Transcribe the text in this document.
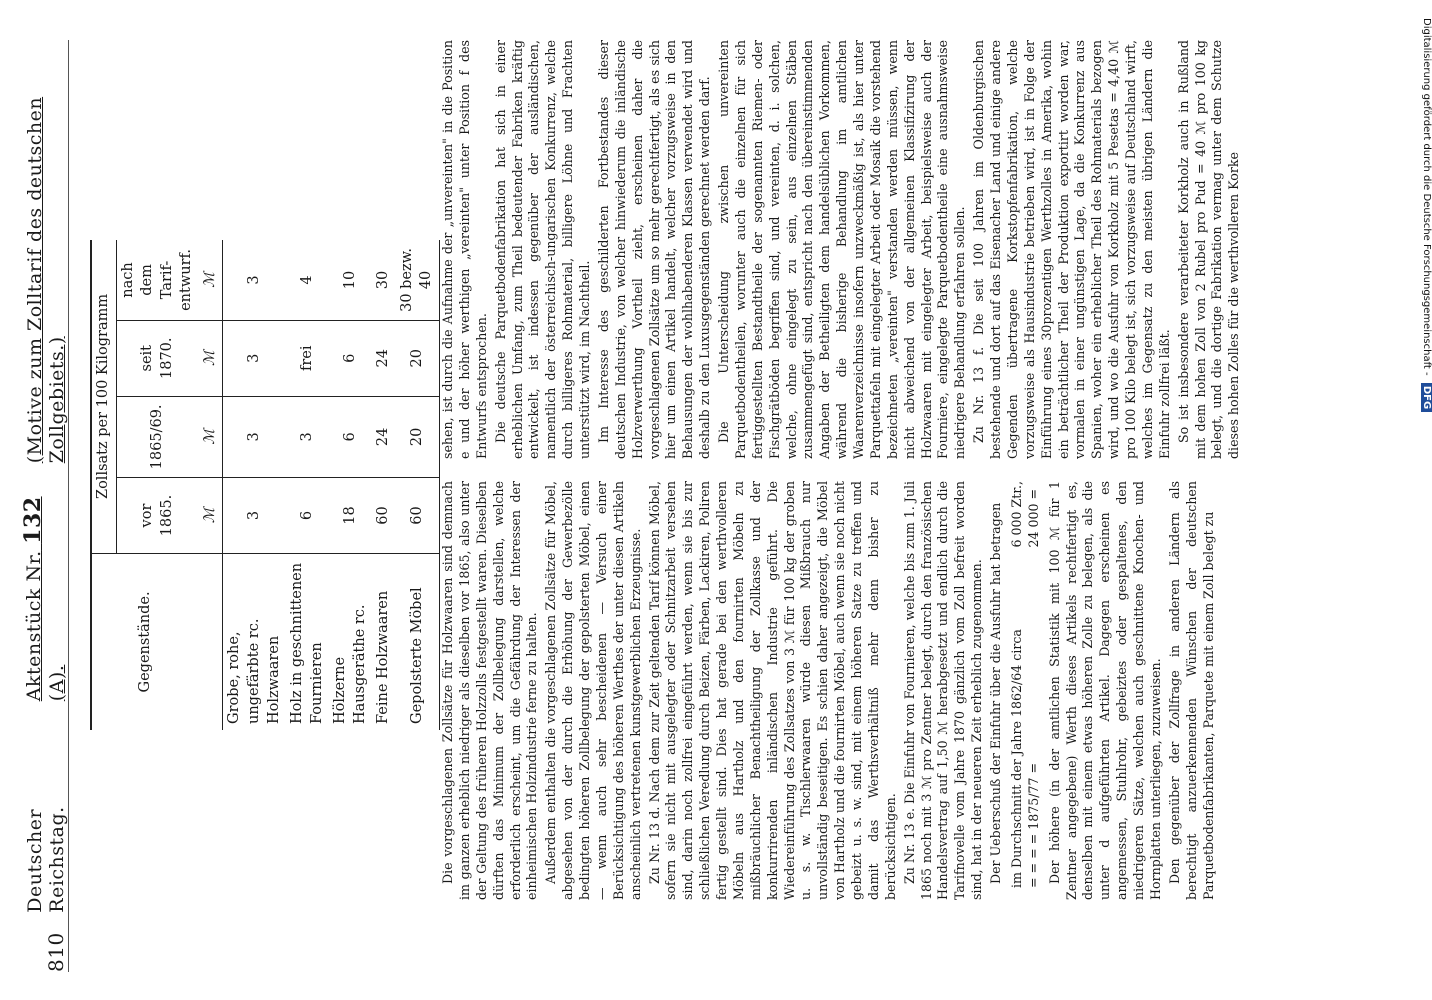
810
Deutscher Reichstag.
Aktenstück Nr. 132 (A).
(Motive zum Zolltarif des deutschen Zollgebiets.)
Gegenstände.	Zollsatz per 100 Kilogramm			
	vor 1865.	1865/69.	seit 1870.	nach dem Tarif-entwurf.
	ℳ	ℳ	ℳ	ℳ
Grobe, rohe, ungefärbte rc. Holzwaaren	3	3	3	3
Holz in geschnittenen Fournieren	6	3	frei	4
Hölzerne Hausgeräthe rc.	18	6	6	10
Feine Holzwaaren	60	24	24	30
Gepolsterte Möbel	60	20	20	30 bezw. 40

Die vorgeschlagenen Zollsätze für Holzwaaren sind demnach im ganzen erheblich niedriger als dieselben vor 1865, also unter der Geltung des früheren Holzzolls festgestellt waren. Dieselben dürften das Minimum der Zollbelegung darstellen, welche erforderlich erscheint, um die Gefährdung der Interessen der einheimischen Holzindustrie ferne zu halten. Außerdem enthalten die vorgeschlagenen Zollsätze für Möbel, abgesehen von der durch die Erhöhung der Gewerbezölle bedingten höheren Zollbelegung der gepolsterten Möbel, einen — wenn auch sehr bescheidenen — Versuch einer Berücksichtigung des höheren Werthes der unter diesen Artikeln anscheinlich vertretenen kunstgewerblichen Erzeugnisse. Zu Nr. 13 d. Nach dem zur Zeit geltenden Tarif können Möbel, sofern sie nicht mit ausgelegter oder Schnitzarbeit versehen sind, darin noch zollfrei eingeführt werden, wenn sie bis zur schließlichen Veredlung durch Beizen, Färben, Lackiren, Poliren fertig gestellt sind. Dies hat gerade bei den werthvolleren Möbeln aus Hartholz und den fournirten Möbeln zu mißbräuchlicher Benachtheiligung der Zollkasse und der konkurrirenden inländischen Industrie geführt. Die Wiedereinführung des Zollsatzes von 3 ℳ für 100 kg der groben u. s. w. Tischlerwaaren würde diesen Mißbrauch nur unvollständig beseitigen. Es schien daher angezeigt, die Möbel von Hartholz und die fournirten Möbel, auch wenn sie noch nicht gebeizt u. s. w. sind, mit einem höheren Satze zu treffen und damit das Werthsverhältniß mehr denn bisher zu berücksichtigen. Zu Nr. 13 e. Die Einfuhr von Fournieren, welche bis zum 1. Juli 1865 noch mit 3 ℳ pro Zentner belegt, durch den französischen Handelsvertrag auf 1,50 ℳ herabgesetzt und endlich durch die Tarifnovelle vom Jahre 1870 gänzlich vom Zoll befreit worden sind, hat in der neueren Zeit erheblich zugenommen. Der Ueberschuß der Einfuhr über die Ausfuhr hat betragen im Durchschnitt der Jahre 1862/64 circa
6 000 Ztr.,
= = = = 1875/77 =
24 000 = Der höhere (in der amtlichen Statistik mit 100 ℳ für 1 Zentner angegebene) Werth dieses Artikels rechtfertigt es, denselben mit einem etwas höheren Zolle zu belegen, als die unter d aufgeführten Artikel. Dagegen erscheinen es angemessen, Stuhlrohr, gebeiztes oder gespaltenes, den niedrigeren Sätze, welchen auch geschnittene Knochen- und Hornplatten unterliegen, zuzuweisen. Den gegenüber der Zollfrage in anderen Ländern als berechtigt anzuerkennenden Wünschen der deutschen Parquetbodenfabrikanten, Parquete mit einem Zoll belegt zu

sehen, ist durch die Aufnahme der „unvereinten" in die Position e und der höher werthigen „vereinten" unter Position f des Entwurfs entsprochen. Die deutsche Parquetbodenfabrikation hat sich in einer erheblichen Umfang, zum Theil bedeutender Fabriken kräftig entwickelt, ist indessen gegenüber der ausländischen, namentlich der österreichisch-ungarischen Konkurrenz, welche durch billigeres Rohmaterial, billigere Löhne und Frachten unterstützt wird, im Nachtheil. Im Interesse des geschilderten Fortbestandes dieser deutschen Industrie, von welcher hinwiederum die inländische Holzverwerthung Vortheil zieht, erscheinen daher die vorgeschlagenen Zollsätze um so mehr gerechtfertigt, als es sich hier um einen Artikel handelt, welcher vorzugsweise in den Behausungen der wohlhabenderen Klassen verwendet wird und deshalb zu den Luxusgegenständen gerechnet werden darf. Die Unterscheidung zwischen unvereinten Parquetbodentheilen, worunter auch die einzelnen für sich fertiggestellten Bestandtheile der sogenannten Riemen- oder Fischgrätböden begriffen sind, und vereinten, d. i. solchen, welche, ohne eingelegt zu sein, aus einzelnen Stäben zusammengefügt sind, entspricht nach den übereinstimmenden Angaben der Betheiligten dem handelsüblichen Vorkommen, während die bisherige Behandlung im amtlichen Waarenverzeichnisse insofern unzweckmäßig ist, als hier unter Parquettafeln mit eingelegter Arbeit oder Mosaik die vorstehend bezeichneten „vereinten" verstanden werden müssen, wenn nicht abweichend von der allgemeinen Klassifizirung der Holzwaaren mit eingelegter Arbeit, beispielsweise auch der Fourniere, eingelegte Parquetbodentheile eine ausnahmsweise niedrigere Behandlung erfahren sollen. Zu Nr. 13 f. Die seit 100 Jahren im Oldenburgischen bestehende und dort auf das Eisenacher Land und einige andere Gegenden übertragene Korkstopfenfabrikation, welche vorzugsweise als Hausindustrie betrieben wird, ist in Folge der Einführung eines 30prozentigen Werthzolles in Amerika, wohin ein beträchtlicher Theil der Produktion exportirt worden war, vormalen in einer ungünstigen Lage, da die Konkurrenz aus Spanien, woher ein erheblicher Theil des Rohmaterials bezogen wird, und wo die Ausfuhr von Korkholz mit 5 Pesetas = 4,40 ℳ pro 100 Kilo belegt ist, sich vorzugsweise auf Deutschland wirft, welches im Gegensatz zu den meisten übrigen Ländern die Einfuhr zollfrei läßt. So ist insbesondere verarbeiteter Korkholz auch in Rußland mit dem hohen Zoll von 2 Rubel pro Pud = 40 ℳ pro 100 kg belegt, und die dortige Fabrikation vermag unter dem Schutze dieses hohen Zolles für die werthvolleren Korke	Digitalisierung gefördert durch die Deutsche Forschungsgemeinschaft - DFG
